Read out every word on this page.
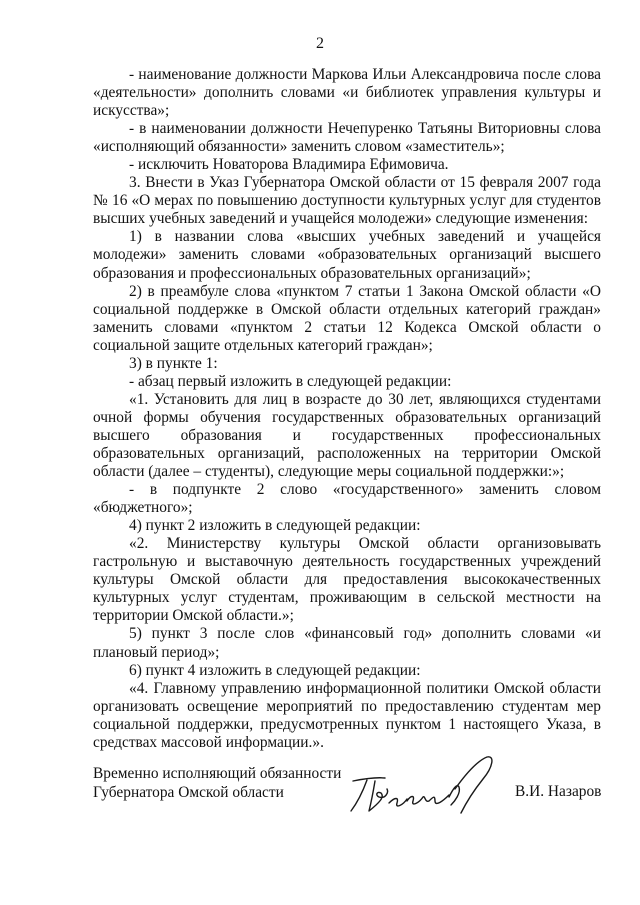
2

- наименование должности Маркова Ильи Александровича после слова «деятельности» дополнить словами «и библиотек управления культуры и искусства»;

- в наименовании должности Нечепуренко Татьяны Виториовны слова «исполняющий обязанности» заменить словом «заместитель»;

- исключить Новаторова Владимира Ефимовича.

3. Внести в Указ Губернатора Омской области от 15 февраля 2007 года № 16 «О мерах по повышению доступности культурных услуг для студентов высших учебных заведений и учащейся молодежи» следующие изменения:

1) в названии слова «высших учебных заведений и учащейся молодежи» заменить словами «образовательных организаций высшего образования и профессиональных образовательных организаций»;

2) в преамбуле слова «пунктом 7 статьи 1 Закона Омской области «О социальной поддержке в Омской области отдельных категорий граждан» заменить словами «пунктом 2 статьи 12 Кодекса Омской области о социальной защите отдельных категорий граждан»;

3) в пункте 1:

- абзац первый изложить в следующей редакции:

«1. Установить для лиц в возрасте до 30 лет, являющихся студентами очной формы обучения государственных образовательных организаций высшего образования и государственных профессиональных образовательных организаций, расположенных на территории Омской области (далее – студенты), следующие меры социальной поддержки:»;

- в подпункте 2 слово «государственного» заменить словом «бюджетного»;

4) пункт 2 изложить в следующей редакции:

«2. Министерству культуры Омской области организовывать гастрольную и выставочную деятельность государственных учреждений культуры Омской области для предоставления высококачественных культурных услуг студентам, проживающим в сельской местности на территории Омской области.»;

5) пункт 3 после слов «финансовый год» дополнить словами «и плановый период»;

6) пункт 4 изложить в следующей редакции:

«4. Главному управлению информационной политики Омской области организовать освещение мероприятий по предоставлению студентам мер социальной поддержки, предусмотренных пунктом 1 настоящего Указа, в средствах массовой информации.».

Временно исполняющий обязанности
Губернатора Омской области	В.И. Назаров
